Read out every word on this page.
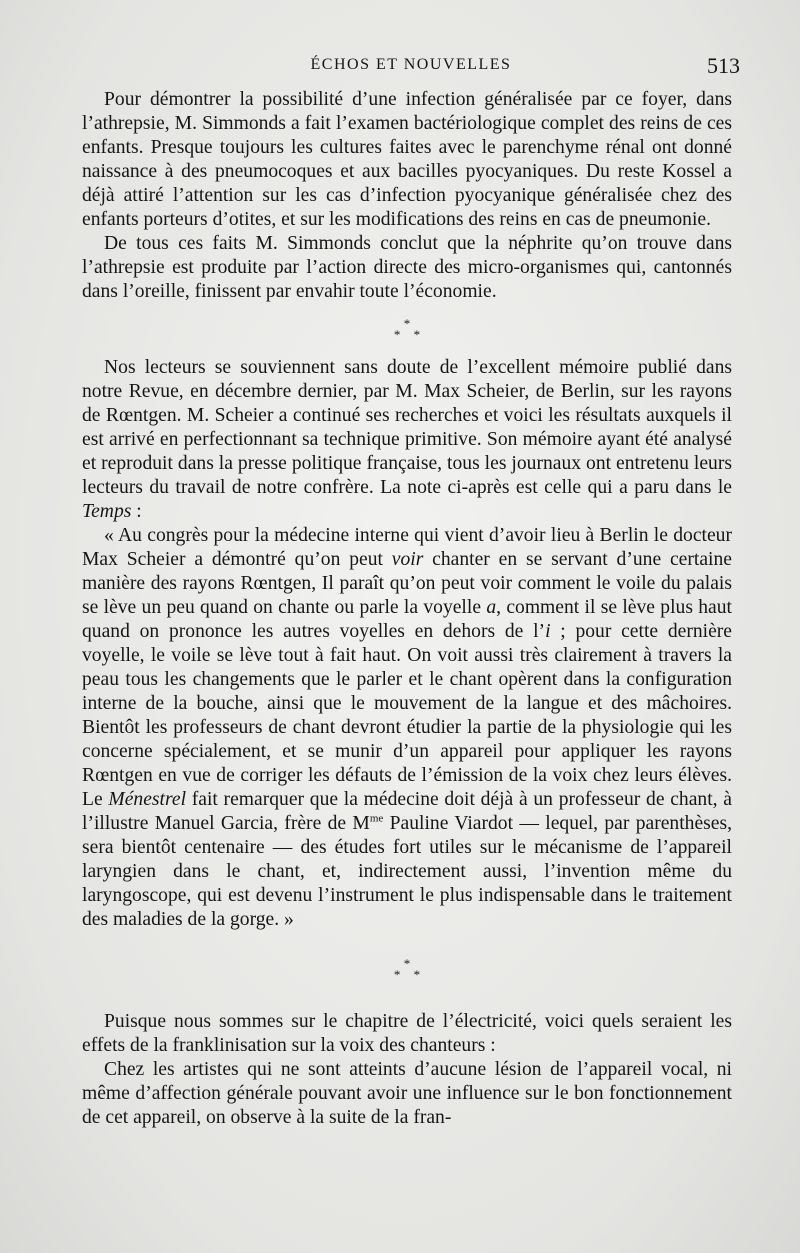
ÉCHOS ET NOUVELLES	513

Pour démontrer la possibilité d’une infection généralisée par ce foyer, dans l’athrepsie, M. Simmonds a fait l’examen bactériologique complet des reins de ces enfants. Presque toujours les cultures faites avec le parenchyme rénal ont donné naissance à des pneumocoques et aux bacilles pyocyaniques. Du reste Kossel a déjà attiré l’attention sur les cas d’infection pyocyanique généralisée chez des enfants porteurs d’otites, et sur les modifications des reins en cas de pneumonie.

De tous ces faits M. Simmonds conclut que la néphrite qu’on trouve dans l’athrepsie est produite par l’action directe des micro-organismes qui, cantonnés dans l’oreille, finissent par envahir toute l’économie.

*
* *

Nos lecteurs se souviennent sans doute de l’excellent mémoire publié dans notre Revue, en décembre dernier, par M. Max Scheier, de Berlin, sur les rayons de Rœntgen. M. Scheier a continué ses recherches et voici les résultats auxquels il est arrivé en perfectionnant sa technique primitive. Son mémoire ayant été analysé et reproduit dans la presse politique française, tous les journaux ont entretenu leurs lecteurs du travail de notre confrère. La note ci-après est celle qui a paru dans le Temps :

« Au congrès pour la médecine interne qui vient d’avoir lieu à Berlin le docteur Max Scheier a démontré qu’on peut voir chanter en se servant d’une certaine manière des rayons Rœntgen, Il paraît qu’on peut voir comment le voile du palais se lève un peu quand on chante ou parle la voyelle a, comment il se lève plus haut quand on prononce les autres voyelles en dehors de l’i ; pour cette dernière voyelle, le voile se lève tout à fait haut. On voit aussi très clairement à travers la peau tous les changements que le parler et le chant opèrent dans la configuration interne de la bouche, ainsi que le mouvement de la langue et des mâchoires. Bientôt les professeurs de chant devront étudier la partie de la physiologie qui les concerne spécialement, et se munir d’un appareil pour appliquer les rayons Rœntgen en vue de corriger les défauts de l’émission de la voix chez leurs élèves. Le Ménestrel fait remarquer que la médecine doit déjà à un professeur de chant, à l’illustre Manuel Garcia, frère de $M^{me}$ Pauline Viardot — lequel, par parenthèses, sera bientôt centenaire — des études fort utiles sur le mécanisme de l’appareil laryngien dans le chant, et, indirectement aussi, l’invention même du laryngoscope, qui est devenu l’instrument le plus indispensable dans le traitement des maladies de la gorge. »

*
* *

Puisque nous sommes sur le chapitre de l’électricité, voici quels seraient les effets de la franklinisation sur la voix des chanteurs :

Chez les artistes qui ne sont atteints d’aucune lésion de l’appareil vocal, ni même d’affection générale pouvant avoir une influence sur le bon fonctionnement de cet appareil, on observe à la suite de la fran-
